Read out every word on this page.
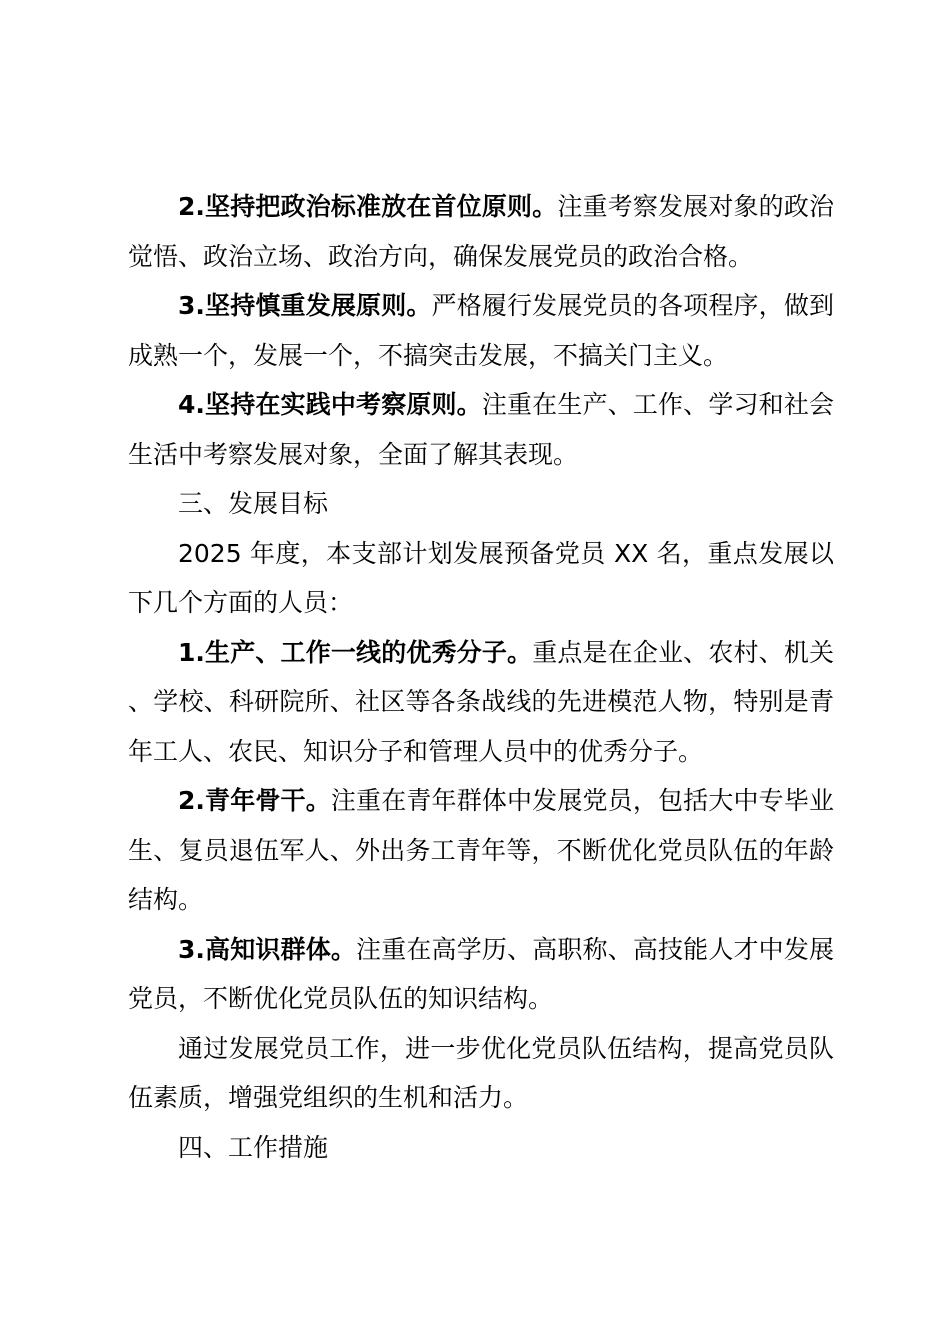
2.坚持把政治标准放在首位原则。注重考察发展对象的政治觉悟、政治立场、政治方向，确保发展党员的政治合格。

3.坚持慎重发展原则。严格履行发展党员的各项程序，做到成熟一个，发展一个，不搞突击发展，不搞关门主义。

4.坚持在实践中考察原则。注重在生产、工作、学习和社会生活中考察发展对象，全面了解其表现。

三、发展目标

2025 年度，本支部计划发展预备党员 XX 名，重点发展以下几个方面的人员：

1.生产、工作一线的优秀分子。重点是在企业、农村、机关、学校、科研院所、社区等各条战线的先进模范人物，特别是青年工人、农民、知识分子和管理人员中的优秀分子。

2.青年骨干。注重在青年群体中发展党员，包括大中专毕业生、复员退伍军人、外出务工青年等，不断优化党员队伍的年龄结构。

3.高知识群体。注重在高学历、高职称、高技能人才中发展党员，不断优化党员队伍的知识结构。

通过发展党员工作，进一步优化党员队伍结构，提高党员队伍素质，增强党组织的生机和活力。

四、工作措施
